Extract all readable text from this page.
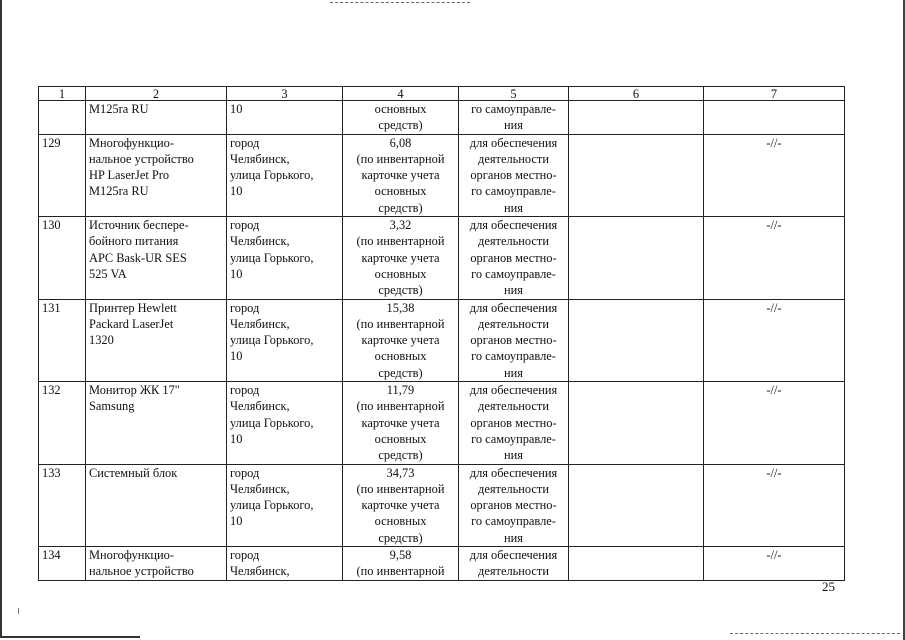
1	2	3	4	5	6	7

	M125ra RU	10	основных
средств)	го самоуправле-
ния		

129	Многофункцио-
нальное устройство
HP LaserJet Pro
M125ra RU	город
Челябинск,
улица Горького,
10	6,08
(по инвентарной
карточке учета
основных
средств)	для обеспечения
деятельности
органов местно-
го самоуправле-
ния		-//-
130	Источник беспере-
бойного питания
APC Bask-UR SES
525 VA	город
Челябинск,
улица Горького,
10	3,32
(по инвентарной
карточке учета
основных
средств)	для обеспечения
деятельности
органов местно-
го самоуправле-
ния		-//-
131	Принтер Hewlett
Packard LaserJet
1320	город
Челябинск,
улица Горького,
10	15,38
(по инвентарной
карточке учета
основных
средств)	для обеспечения
деятельности
органов местно-
го самоуправле-
ния		-//-
132	Монитор ЖК 17"
Samsung	город
Челябинск,
улица Горького,
10	11,79
(по инвентарной
карточке учета
основных
средств)	для обеспечения
деятельности
органов местно-
го самоуправле-
ния		-//-
133	Системный блок	город
Челябинск,
улица Горького,
10	34,73
(по инвентарной
карточке учета
основных
средств)	для обеспечения
деятельности
органов местно-
го самоуправле-
ния		-//-
134	Многофункцио-
нальное устройство	город
Челябинск,	9,58
(по инвентарной	для обеспечения
деятельности		-//-
25
